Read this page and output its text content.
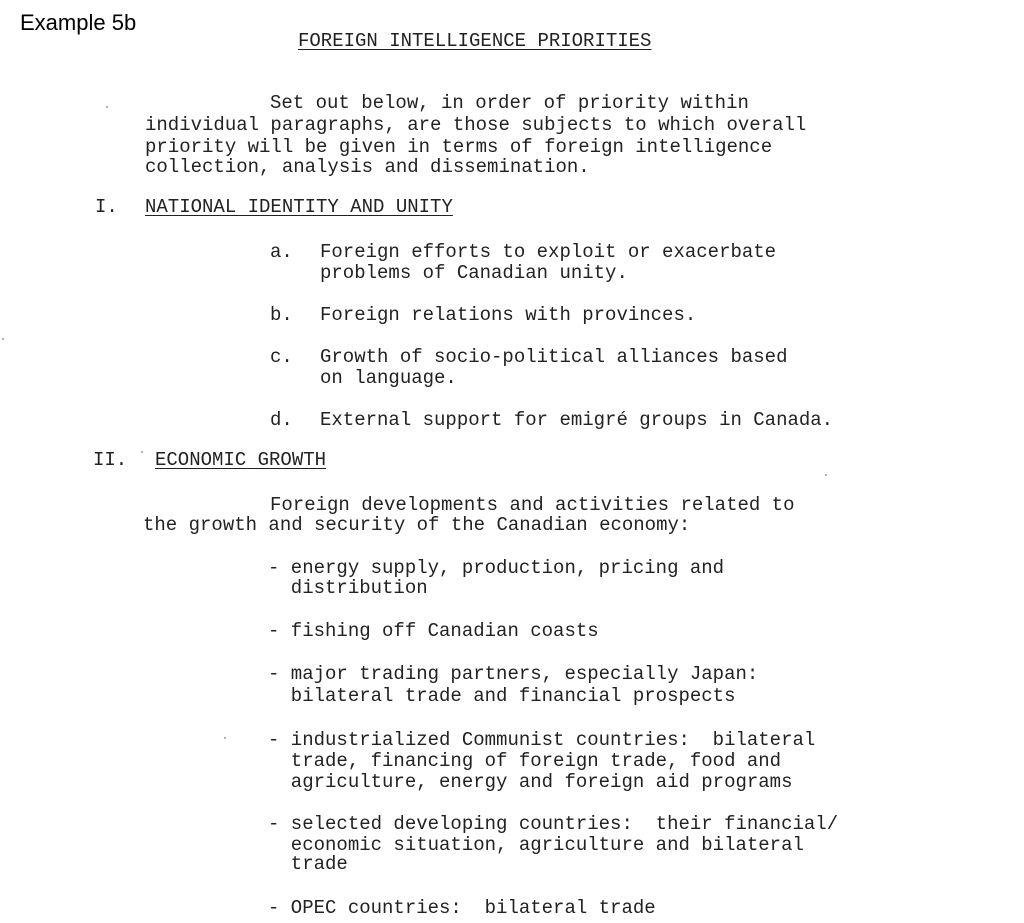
Example 5b

FOREIGN INTELLIGENCE PRIORITIES

Set out below, in order of priority within

individual paragraphs, are those subjects to which overall

priority will be given in terms of foreign intelligence

collection, analysis and dissemination.

I. NATIONAL IDENTITY AND UNITY

a. Foreign efforts to exploit or exacerbate

problems of Canadian unity.

b. Foreign relations with provinces.

c. Growth of socio-political alliances based

on language.

d. External support for emigré groups in Canada.

II. ECONOMIC GROWTH

Foreign developments and activities related to

the growth and security of the Canadian economy:

- energy supply, production, pricing and

distribution

- fishing off Canadian coasts

- major trading partners, especially Japan:

bilateral trade and financial prospects

- industrialized Communist countries:  bilateral

trade, financing of foreign trade, food and

agriculture, energy and foreign aid programs

- selected developing countries:  their financial/

economic situation, agriculture and bilateral

trade

- OPEC countries:  bilateral trade
